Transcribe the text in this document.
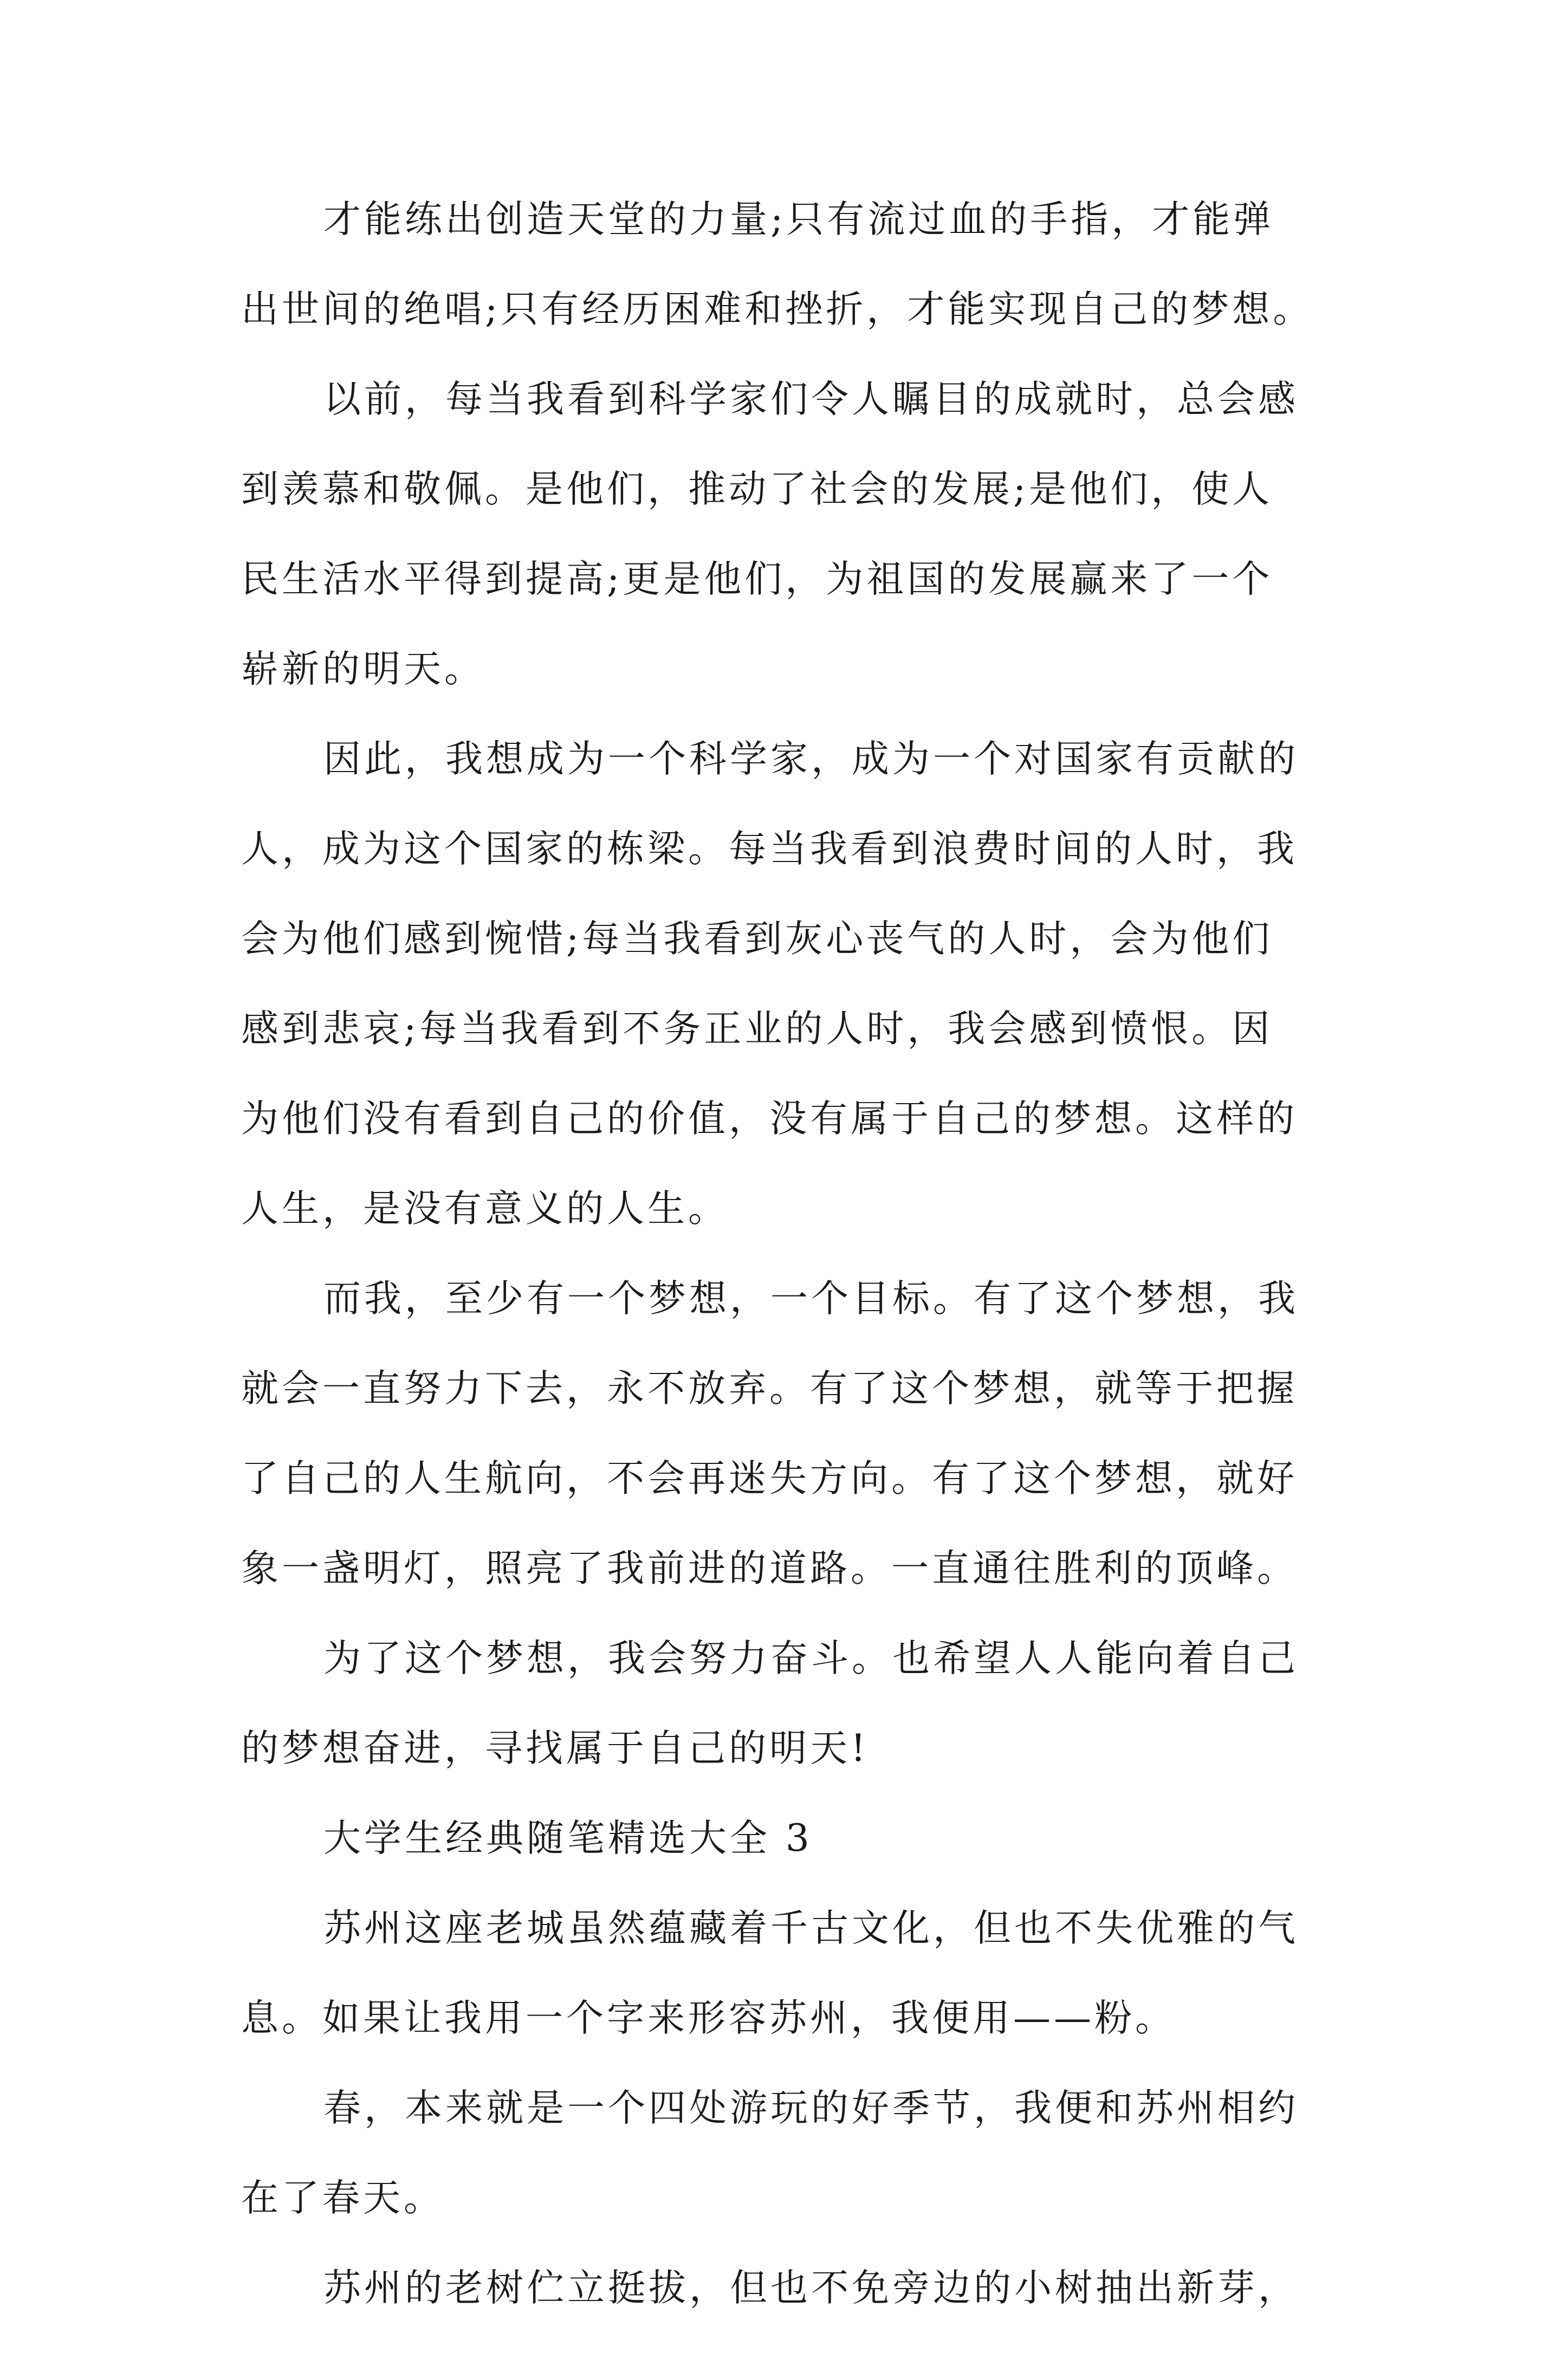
才能练出创造天堂的力量;只有流过血的手指，才能弹
出世间的绝唱;只有经历困难和挫折，才能实现自己的梦想。
以前，每当我看到科学家们令人瞩目的成就时，总会感
到羡慕和敬佩。是他们，推动了社会的发展;是他们，使人
民生活水平得到提高;更是他们，为祖国的发展赢来了一个
崭新的明天。
因此，我想成为一个科学家，成为一个对国家有贡献的
人，成为这个国家的栋梁。每当我看到浪费时间的人时，我
会为他们感到惋惜;每当我看到灰心丧气的人时，会为他们
感到悲哀;每当我看到不务正业的人时，我会感到愤恨。因
为他们没有看到自己的价值，没有属于自己的梦想。这样的
人生，是没有意义的人生。
而我，至少有一个梦想，一个目标。有了这个梦想，我
就会一直努力下去，永不放弃。有了这个梦想，就等于把握
了自己的人生航向，不会再迷失方向。有了这个梦想，就好
象一盏明灯，照亮了我前进的道路。一直通往胜利的顶峰。
为了这个梦想，我会努力奋斗。也希望人人能向着自己
的梦想奋进，寻找属于自己的明天!
大学生经典随笔精选大全 3
苏州这座老城虽然蕴藏着千古文化，但也不失优雅的气
息。如果让我用一个字来形容苏州，我便用——粉。
春，本来就是一个四处游玩的好季节，我便和苏州相约
在了春天。
苏州的老树伫立挺拔，但也不免旁边的小树抽出新芽，
